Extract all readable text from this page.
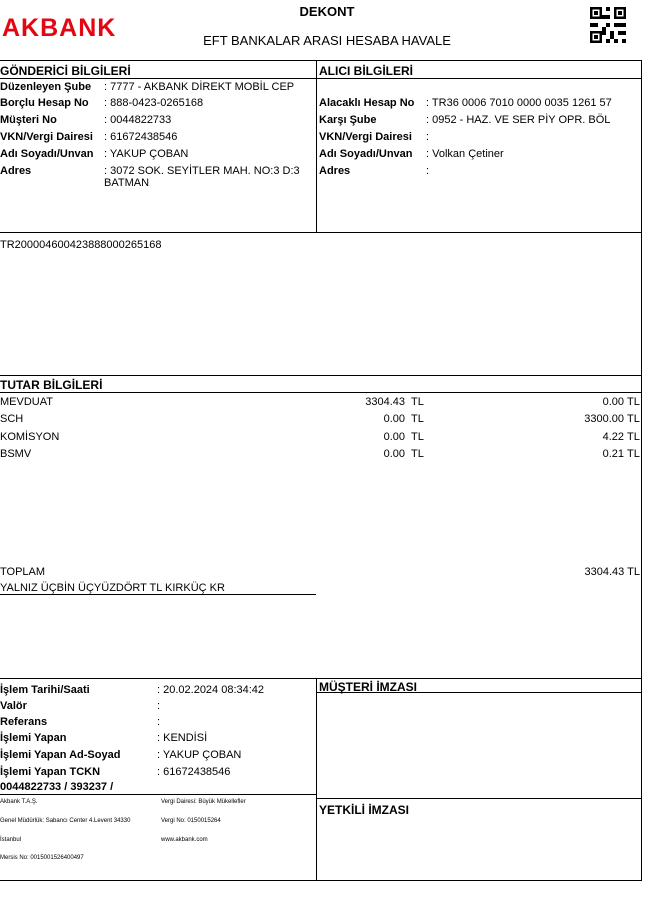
AKBANK
DEKONT
EFT BANKALAR ARASI HESABA HAVALE
GÖNDERİCİ BİLGİLERİ
Düzenleyen Şube : 7777 - AKBANK DİREKT MOBİL CEP
Borçlu Hesap No : 888-0423-0265168
Müşteri No	: 0044822733
VKN/Vergi Dairesi : 61672438546
Adı Soyadı/Unvan : YAKUP ÇOBAN
Adres	: 3072 SOK. SEYİTLER MAH. NO:3 D:3
BATMAN
ALICI BİLGİLERİ
Alacaklı Hesap No : TR36 0006 7010 0000 0035 1261 57
Karşı Şube	: 0952 - HAZ. VE SER PİY OPR. BÖL
VKN/Vergi Dairesi :
Adı Soyadı/Unvan : Volkan Çetiner
Adres	:
TR200004600423888000265168
TUTAR BİLGİLERİ
MEVDUAT	3304.43 TL	0.00 TL
SCH	0.00 TL	3300.00 TL
KOMİSYON	0.00 TL	4.22 TL
BSMV	0.00 TL	0.21 TL
TOPLAM	3304.43 TL
YALNIZ ÜÇBİN ÜÇYÜZDÖRT TL KIRKÜÇ KR
İşlem Tarihi/Saati	: 20.02.2024 08:34:42
Valör	:
Referans	:
İşlemi Yapan	: KENDİSİ
İşlemi Yapan Ad-Soyad	: YAKUP ÇOBAN
İşlemi Yapan TCKN	: 61672438546
0044822733 / 393237 /
MÜŞTERİ İMZASI
YETKİLİ İMZASI
Akbank T.A.Ş.
Genel Müdürlük: Sabancı Center 4.Levent 34330
İstanbul
Mersis No: 0015001526400497
Vergi Dairesi: Büyük Mükellefler
Vergi No: 0150015264
www.akbank.com
